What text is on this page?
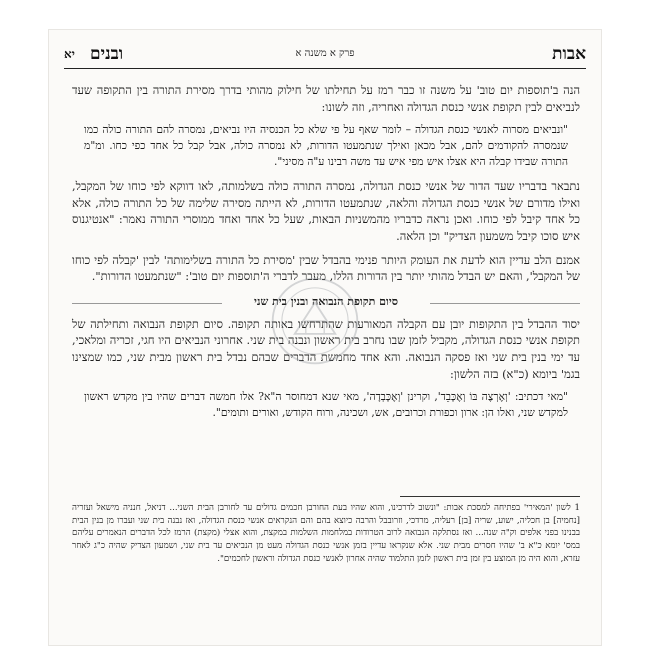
אבות
פרק א משנה א
ובנים
יא

הנה ב'תוספות יום טוב' על משנה זו כבר רמז על תחילתו של חילוק מהותי בדרך מסירת התורה בין התקופה שעד לנביאים לבין תקופת אנשי כנסת הגדולה ואחריה, וזה לשונו:

"ונביאים מסרוה לאנשי כנסת הגדולה – לומר שאף על פי שלא כל הכנסיה היו נביאים, נמסרה להם התורה כולה כמו שנמסרה להקודמים להם, אבל מכאן ואילך שנתמעטו הדורות, לא נמסרה כולה, אבל קבל כל אחד כפי כחו. ומ"מ התורה שבידו קבלה היא אצלו איש מפי איש עד משה רבינו ע"ה מסיני".

נתבאר בדבריו שעד הדור של אנשי כנסת הגדולה, נמסרה התורה כולה בשלמותה, לאו דווקא לפי כוחו של המקבל, ואילו מדורם של אנשי כנסת הגדולה והלאה, שנתמעטו הדורות, לא הייתה מסירה שלימה של כל התורה כולה, אלא כל אחד קיבל לפי כוחו. ואכן נראה כדבריו מהמשניות הבאות, שעל כל אחד ואחד ממוסרי התורה נאמר: "אנטיגנוס איש סוכו קיבל משמעון הצדיק" וכן הלאה.

אמנם הלב עדיין הוא לדעת את העומק היותר פנימי בהבדל שבין 'מסירת כל התורה בשלימותה' לבין 'קבלה לפי כוחו של המקבל', והאם יש הבדל מהותי יותר בין הדורות הללו, מעבר לדברי ה'תוספות יום טוב': "שנתמעטו הדורות".

סיום תקופת הנבואה ובנין בית שני

יסוד ההבדל בין התקופות יובן עם הקבלה המאורעות שהתרחשו באותה תקופה. סיום תקופת הנבואה ותחילתה של תקופת אנשי כנסת הגדולה, מקביל לזמן שבו נחרב בית ראשון ונבנה בית שני. אחרוני הנביאים היו חגי, זכריה ומלאכי, עד ימי בנין בית שני ואז פסקה הנבואה. והא אחד מחמשת הדברים שבהם נבדל בית ראשון מבית שני, כמו שמצינו בגמ' ביומא (כ"א) בזה הלשון:

"מאי דכתיב: 'וְאֶרְצֶה בּוֹ וְאֶכָּבֵד', וקרינן 'וְאֶכָּבְדָה', מאי שנא דמחוסר ה"א? אלו חמשה דברים שהיו בין מקדש ראשון למקדש שני, ואלו הן: ארון וכפורת וכרובים, אש, ושכינה, ורוח הקודש, ואורים ותומים".

1 לשון 'המאירי' בפתיחה למסכת אבות: "ונשוב לדרכינו, והוא שהיו בעת החורבן חכמים גדולים עד לחורבן הבית השני... דניאל, חנניה מישאל ועזריה [נחמיה] בן חכליה, ישוע, שריה [בן] רעליה, מרדכי, וזרובבל והרבה כיוצא בהם והם הנקראים אנשי כנסת הגדולה, ואז נבנה בית שני ועברו מן בנין הבית בבנינו בפני אלפים וק"ה שנה... ואז נסתלקה הנבואה לרוב הטרודות במלחמות השלמות במקצת, והוא אצלי (מקצת) הרמז לכל הדברים הנאמרים עליהם במס' יומא כ"א ב' שהיו חסרים מבית שני. אלא שנקראו עדיין בזמן אנשי כנסת הגדולה מעט מן הנביאים עד בית שני, ושמעון הצדיק שהיה כ"ג לאחר עזרא, והוא היה מן המוצע בין זמן בית ראשון לזמן התלמוד שהיה אחרון לאנשי כנסת הגדולה וראשון לחכמים".
